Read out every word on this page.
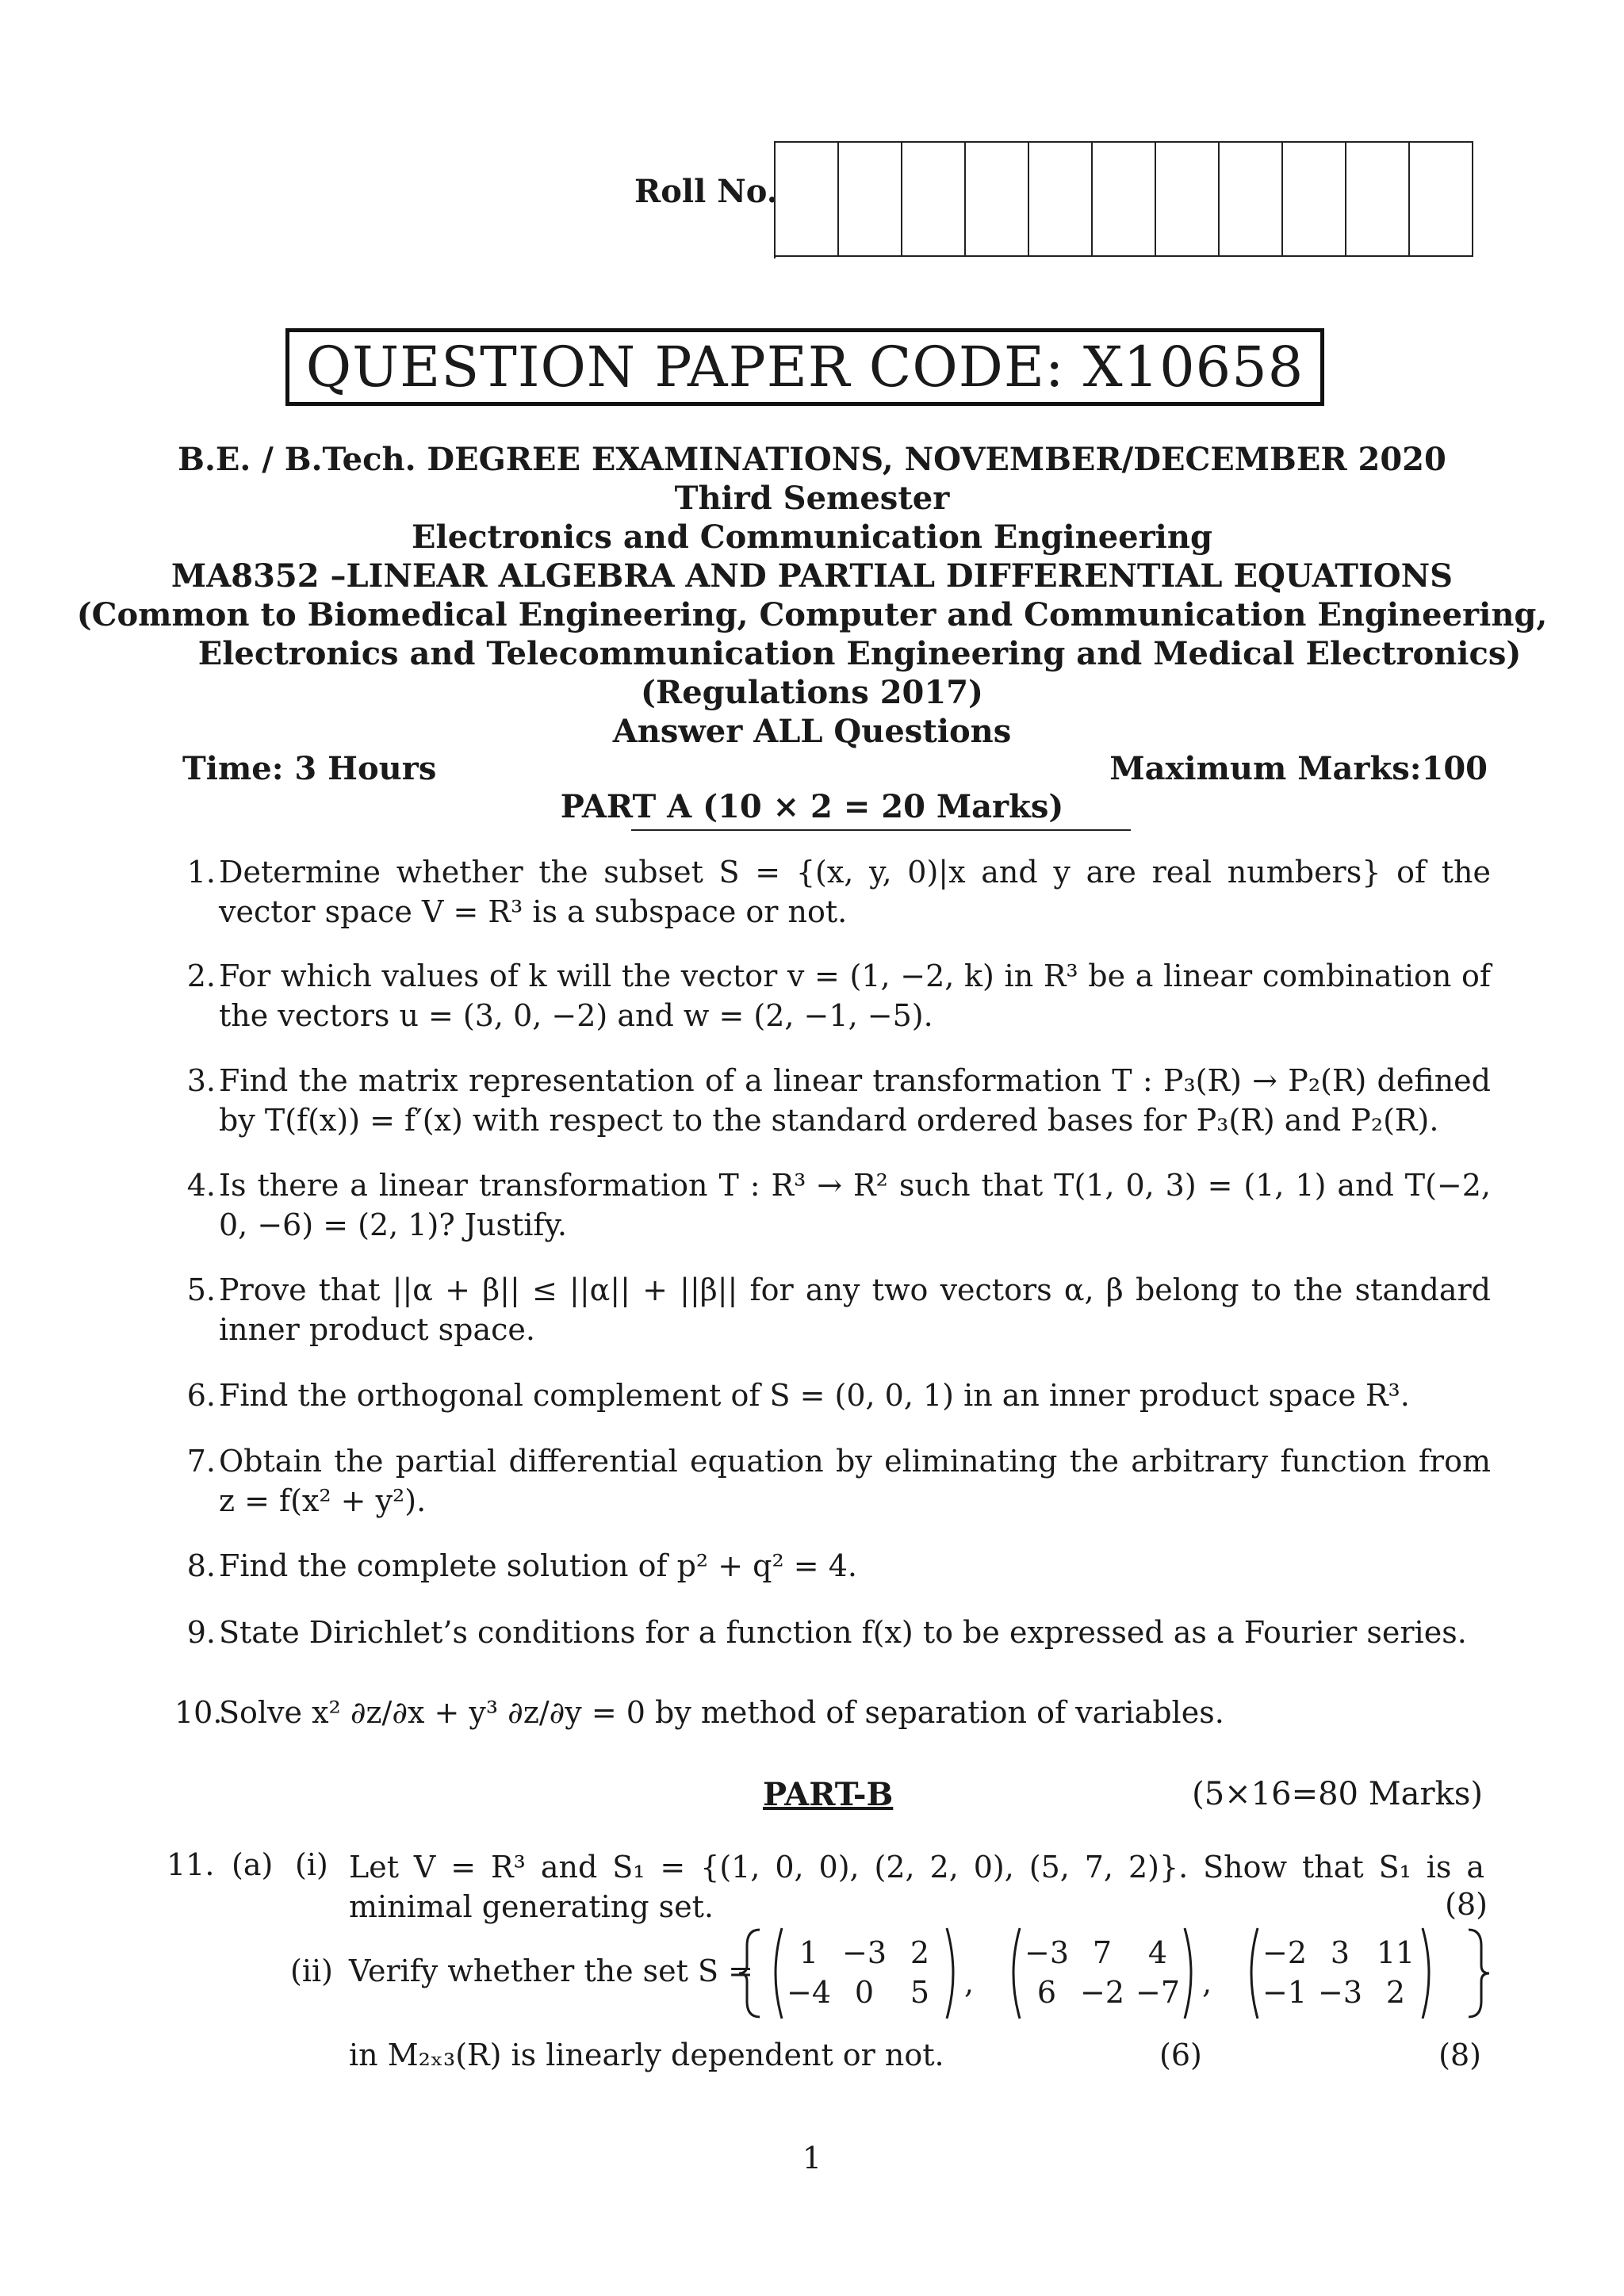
Roll No.
QUESTION PAPER CODE: X10658
B.E. / B.Tech. DEGREE EXAMINATIONS, NOVEMBER/DECEMBER 2020
Third Semester
Electronics and Communication Engineering
MA8352 –LINEAR ALGEBRA AND PARTIAL DIFFERENTIAL EQUATIONS
(Common to Biomedical Engineering, Computer and Communication Engineering,
Electronics and Telecommunication Engineering and Medical Electronics)
(Regulations 2017)
Answer ALL Questions
Time: 3 Hours	Maximum Marks:100
PART A (10 × 2 = 20 Marks)
1. Determine whether the subset S = {(x, y, 0)|x and y are real numbers} of the vector space V = R³ is a subspace or not.
2. For which values of k will the vector v = (1, −2, k) in R³ be a linear combination of the vectors u = (3, 0, −2) and w = (2, −1, −5).
3. Find the matrix representation of a linear transformation T : P₃(R) → P₂(R) defined by T(f(x)) = f′(x) with respect to the standard ordered bases for P₃(R) and P₂(R).
4. Is there a linear transformation T : R³ → R² such that T(1, 0, 3) = (1, 1) and T(−2, 0, −6) = (2, 1)? Justify.
5. Prove that ||α + β|| ≤ ||α|| + ||β|| for any two vectors α, β belong to the standard inner product space.
6. Find the orthogonal complement of S = (0, 0, 1) in an inner product space R³.
7. Obtain the partial differential equation by eliminating the arbitrary function from z = f(x² + y²).
8. Find the complete solution of p² + q² = 4.
9. State Dirichlet’s conditions for a function f(x) to be expressed as a Fourier series.
10.
Solve x² ∂z/∂x + y³ ∂z/∂y = 0 by method of separation of variables.
PART-B	(5×16=80 Marks)
11. (a) (i) Let V = R³ and S₁ = {(1, 0, 0), (2, 2, 0), (5, 7, 2)}. Show that S₁ is a minimal generating set.	(8)
(ii) Verify whether the set S =
1 −3 2
−4 0 5 ,
−3 7 4
6 −2 −7 ,
−2 3 11
−1 −3 2
in M₂ₓ₃(R) is linearly dependent or not.	(6)	(8)
1
